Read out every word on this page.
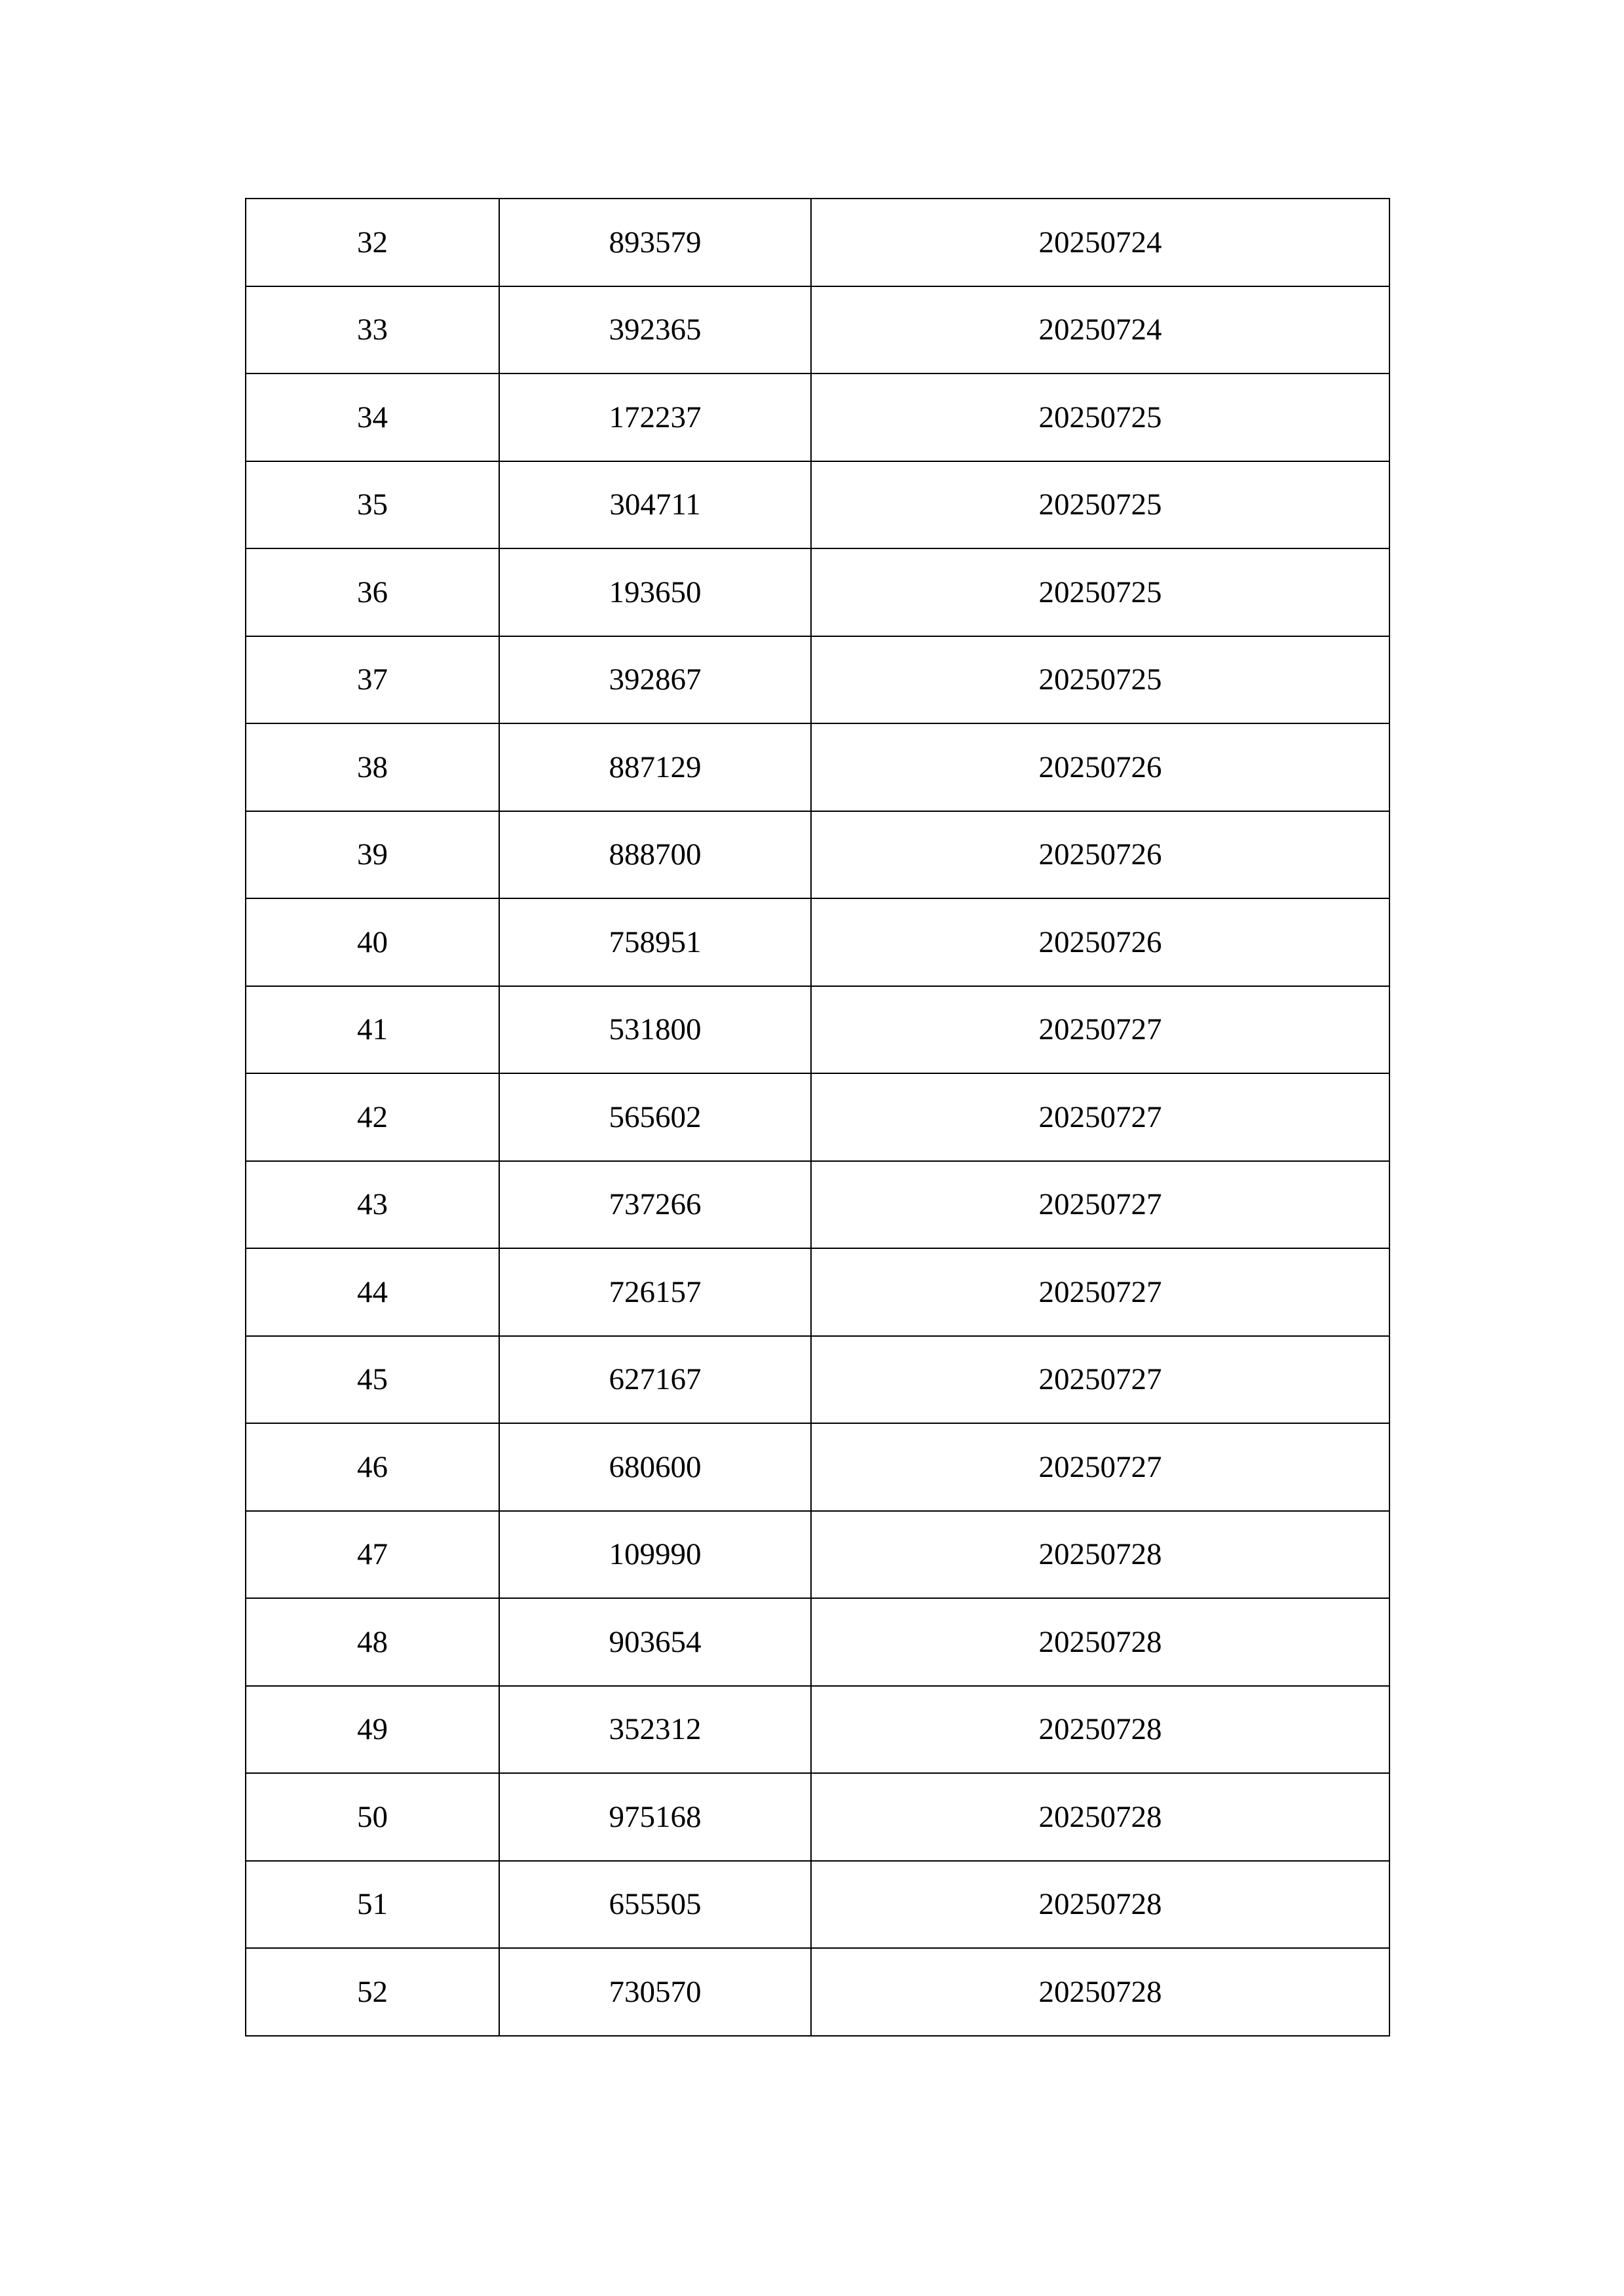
32	893579	20250724
33	392365	20250724
34	172237	20250725
35	304711	20250725
36	193650	20250725
37	392867	20250725
38	887129	20250726
39	888700	20250726
40	758951	20250726
41	531800	20250727
42	565602	20250727
43	737266	20250727
44	726157	20250727
45	627167	20250727
46	680600	20250727
47	109990	20250728
48	903654	20250728
49	352312	20250728
50	975168	20250728
51	655505	20250728
52	730570	20250728
